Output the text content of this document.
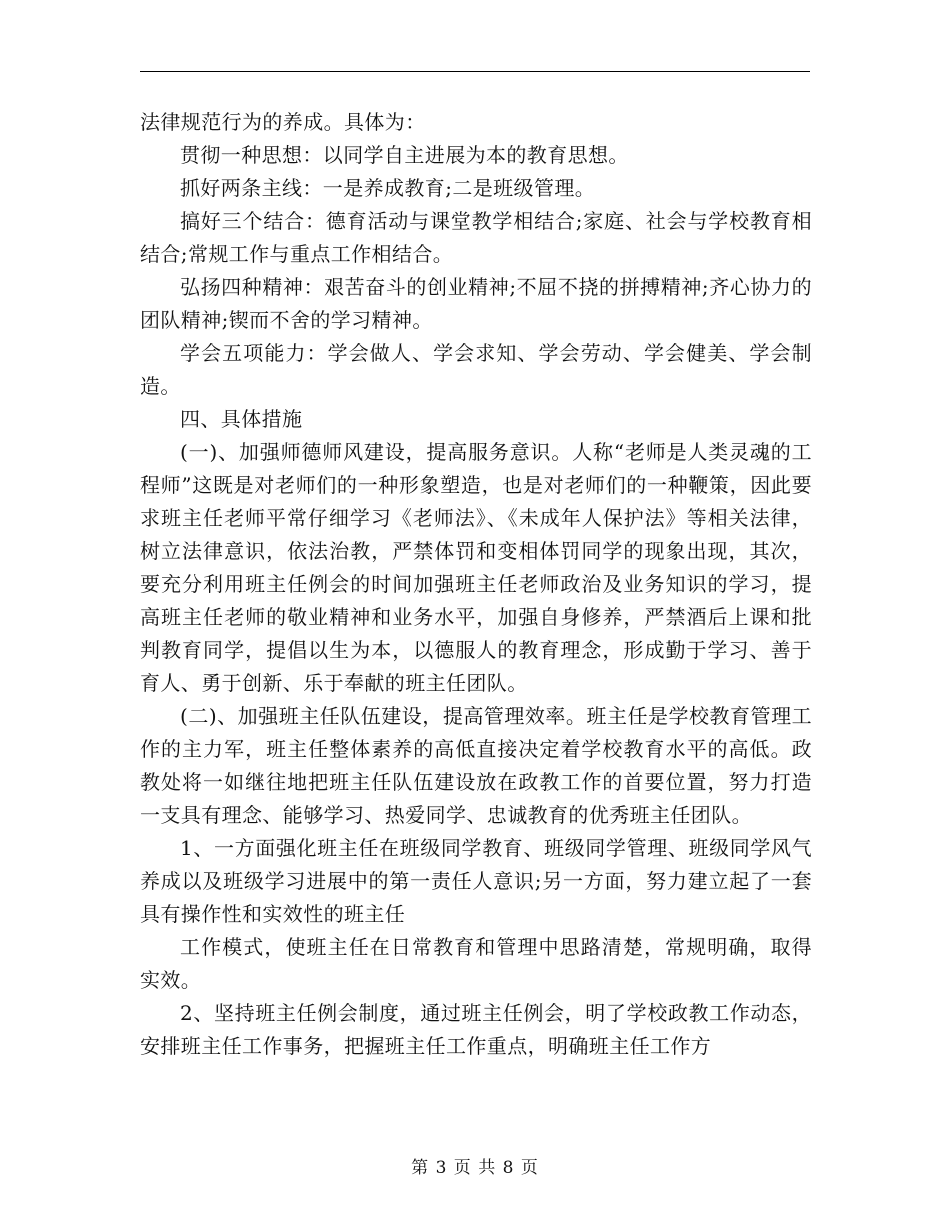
法律规范行为的养成。具体为：

贯彻一种思想：以同学自主进展为本的教育思想。

抓好两条主线：一是养成教育;二是班级管理。

搞好三个结合：德育活动与课堂教学相结合;家庭、社会与学校教育相结合;常规工作与重点工作相结合。

弘扬四种精神：艰苦奋斗的创业精神;不屈不挠的拼搏精神;齐心协力的团队精神;锲而不舍的学习精神。

学会五项能力：学会做人、学会求知、学会劳动、学会健美、学会制造。

四、具体措施

(一)、加强师德师风建设，提高服务意识。人称“老师是人类灵魂的工程师”这既是对老师们的一种形象塑造，也是对老师们的一种鞭策，因此要求班主任老师平常仔细学习《老师法》、《未成年人保护法》等相关法律，树立法律意识，依法治教，严禁体罚和变相体罚同学的现象出现，其次，要充分利用班主任例会的时间加强班主任老师政治及业务知识的学习，提高班主任老师的敬业精神和业务水平，加强自身修养，严禁酒后上课和批判教育同学，提倡以生为本，以德服人的教育理念，形成勤于学习、善于育人、勇于创新、乐于奉献的班主任团队。

(二)、加强班主任队伍建设，提高管理效率。班主任是学校教育管理工作的主力军，班主任整体素养的高低直接决定着学校教育水平的高低。政教处将一如继往地把班主任队伍建设放在政教工作的首要位置，努力打造一支具有理念、能够学习、热爱同学、忠诚教育的优秀班主任团队。

1、一方面强化班主任在班级同学教育、班级同学管理、班级同学风气养成以及班级学习进展中的第一责任人意识;另一方面，努力建立起了一套具有操作性和实效性的班主任

工作模式，使班主任在日常教育和管理中思路清楚，常规明确，取得实效。

2、坚持班主任例会制度，通过班主任例会，明了学校政教工作动态，安排班主任工作事务，把握班主任工作重点，明确班主任工作方

第 3 页 共 8 页
